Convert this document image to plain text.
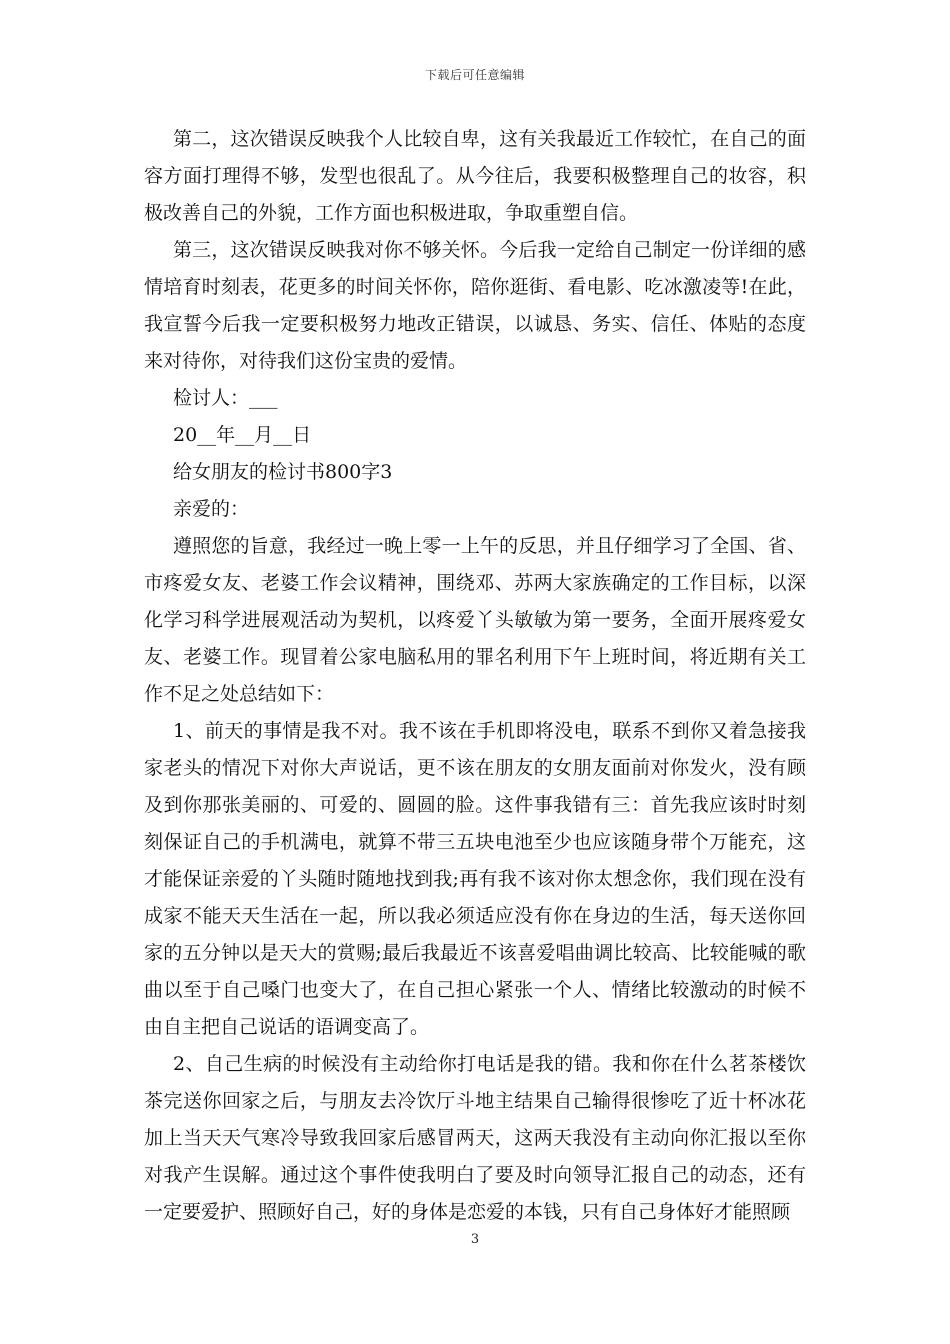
下载后可任意编辑

第二，这次错误反映我个人比较自卑，这有关我最近工作较忙，在自己的面容方面打理得不够，发型也很乱了。从今往后，我要积极整理自己的妆容，积极改善自己的外貌，工作方面也积极进取，争取重塑自信。

第三，这次错误反映我对你不够关怀。今后我一定给自己制定一份详细的感情培育时刻表，花更多的时间关怀你，陪你逛街、看电影、吃冰激凌等!在此，我宣誓今后我一定要积极努力地改正错误，以诚恳、务实、信任、体贴的态度来对待你，对待我们这份宝贵的爱情。

检讨人：___

20__年__月__日

给女朋友的检讨书800字3

亲爱的：

遵照您的旨意，我经过一晚上零一上午的反思，并且仔细学习了全国、省、市疼爱女友、老婆工作会议精神，围绕邓、苏两大家族确定的工作目标，以深化学习科学进展观活动为契机，以疼爱丫头敏敏为第一要务，全面开展疼爱女友、老婆工作。现冒着公家电脑私用的罪名利用下午上班时间，将近期有关工作不足之处总结如下：

1、前天的事情是我不对。我不该在手机即将没电，联系不到你又着急接我家老头的情况下对你大声说话，更不该在朋友的女朋友面前对你发火，没有顾及到你那张美丽的、可爱的、圆圆的脸。这件事我错有三：首先我应该时时刻刻保证自己的手机满电，就算不带三五块电池至少也应该随身带个万能充，这才能保证亲爱的丫头随时随地找到我;再有我不该对你太想念你，我们现在没有成家不能天天生活在一起，所以我必须适应没有你在身边的生活，每天送你回家的五分钟以是天大的赏赐;最后我最近不该喜爱唱曲调比较高、比较能喊的歌曲以至于自己嗓门也变大了，在自己担心紧张一个人、情绪比较激动的时候不由自主把自己说话的语调变高了。

2、自己生病的时候没有主动给你打电话是我的错。我和你在什么茗茶楼饮茶完送你回家之后，与朋友去冷饮厅斗地主结果自己输得很惨吃了近十杯冰花加上当天天气寒冷导致我回家后感冒两天，这两天我没有主动向你汇报以至你对我产生误解。通过这个事件使我明白了要及时向领导汇报自己的动态，还有一定要爱护、照顾好自己，好的身体是恋爱的本钱，只有自己身体好才能照顾

3
